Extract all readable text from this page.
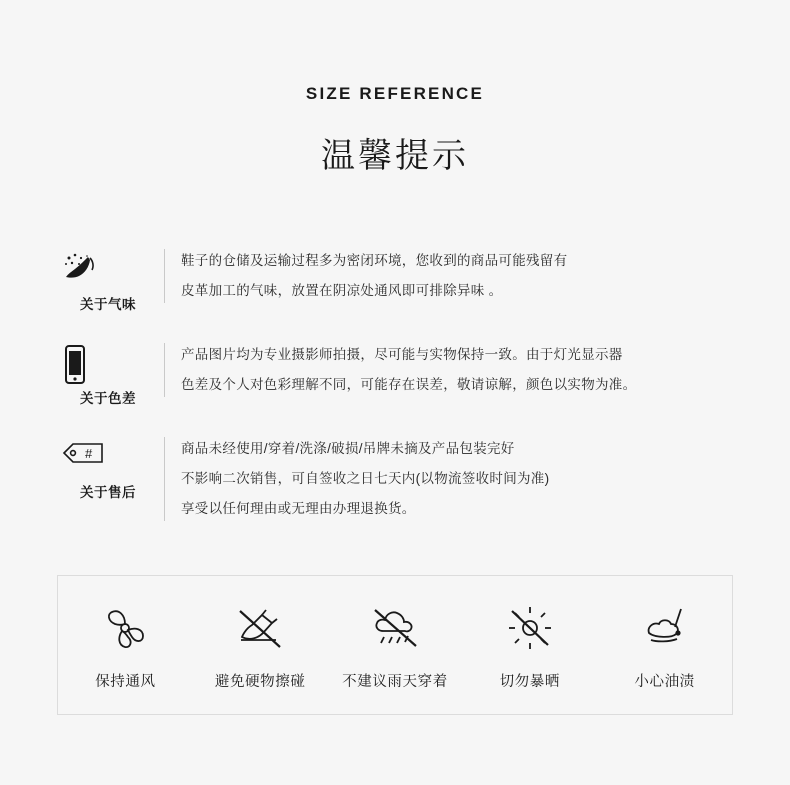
SIZE REFERENCE
温馨提示
关于气味

鞋子的仓储及运输过程多为密闭环境，您收到的商品可能残留有

皮革加工的气味，放置在阴凉处通风即可排除异味 。

关于色差

产品图片均为专业摄影师拍摄，尽可能与实物保持一致。由于灯光显示器

色差及个人对色彩理解不同，可能存在误差，敬请谅解，颜色以实物为准。

#
关于售后

商品未经使用/穿着/洗涤/破损/吊牌未摘及产品包装完好

不影响二次销售，可自签收之日七天内(以物流签收时间为准)

享受以任何理由或无理由办理退换货。

保持通风	避免硬物擦碰	不建议雨天穿着	切勿暴晒	小心油渍
